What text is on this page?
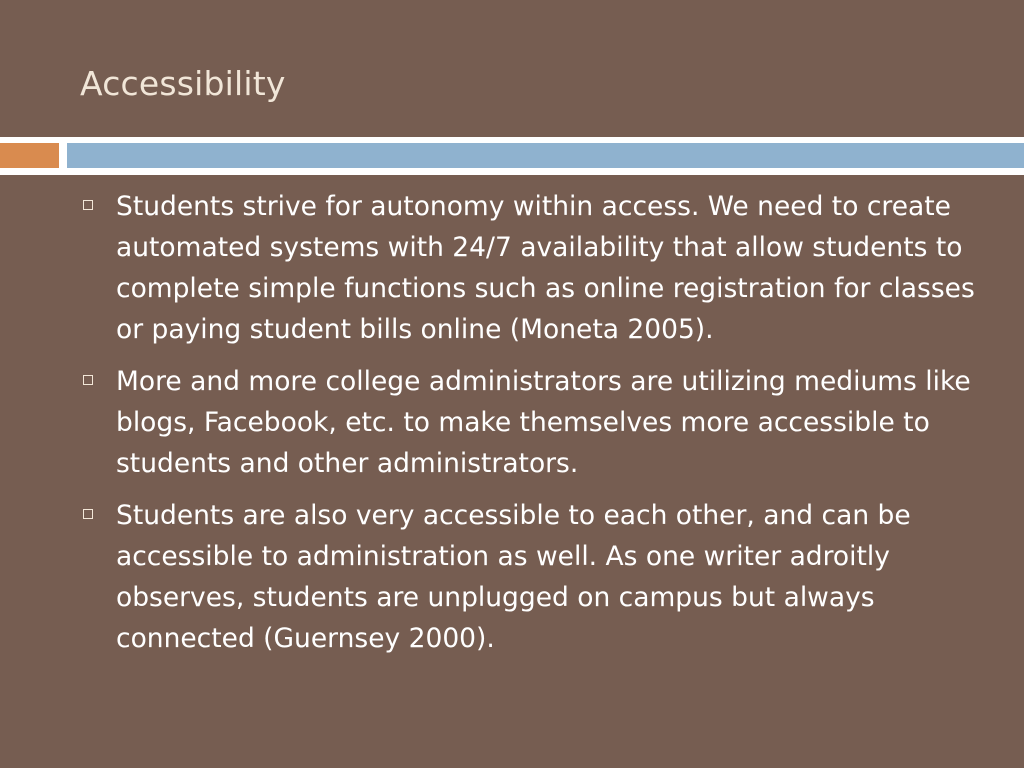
Accessibility
Students strive for autonomy within access. We need to create automated systems with 24/7 availability that allow students to complete simple functions such as online registration for classes or paying student bills online (Moneta 2005).
More and more college administrators are utilizing mediums like blogs, Facebook, etc. to make themselves more accessible to students and other administrators.
Students are also very accessible to each other, and can be accessible to administration as well. As one writer adroitly observes, students are unplugged on campus but always connected (Guernsey 2000).
